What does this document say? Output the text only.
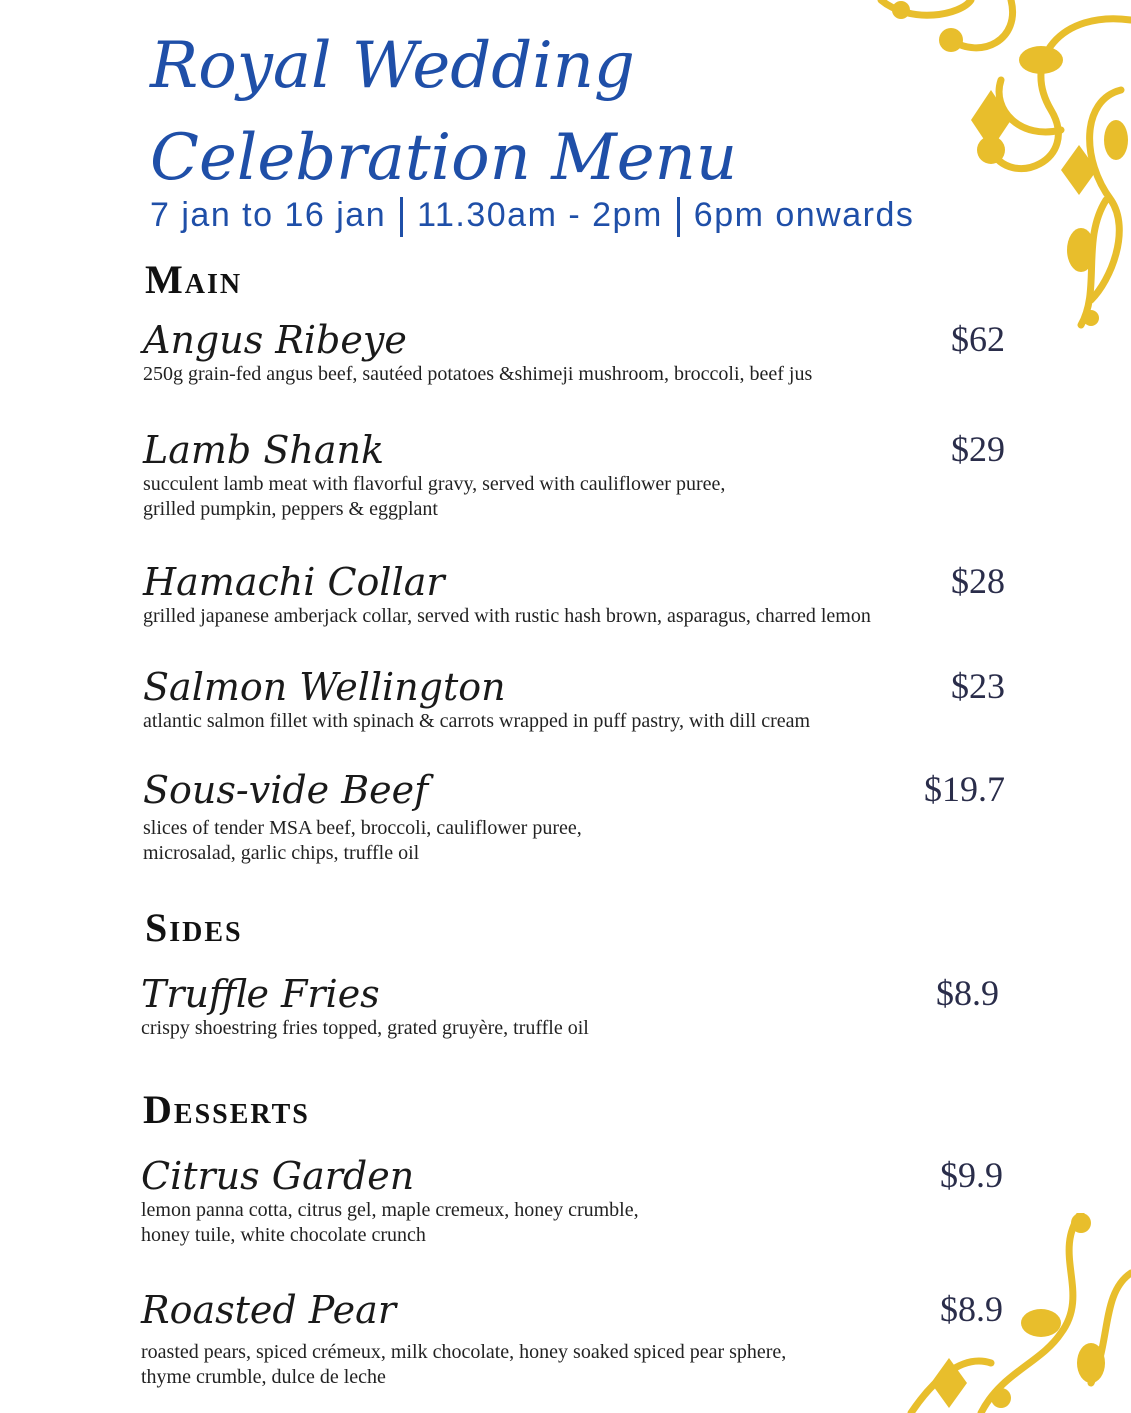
Royal Wedding
Celebration Menu
7 jan to 16 jan 11.30am - 2pm 6pm onwards
Main
Angus Ribeye	$62
250g grain-fed angus beef, sautéed potatoes &shimeji mushroom, broccoli, beef jus
Lamb Shank	$29
succulent lamb meat with flavorful gravy, served with cauliflower puree,
grilled pumpkin, peppers & eggplant
Hamachi Collar	$28
grilled japanese amberjack collar, served with rustic hash brown, asparagus, charred lemon
Salmon Wellington	$23
atlantic salmon fillet with spinach & carrots wrapped in puff pastry, with dill cream
Sous-vide Beef	$19.7
slices of tender MSA beef, broccoli, cauliflower puree,
microsalad, garlic chips, truffle oil
Sides
Truffle Fries	$8.9
crispy shoestring fries topped, grated gruyère, truffle oil
Desserts
Citrus Garden	$9.9
lemon panna cotta, citrus gel, maple cremeux, honey crumble,
honey tuile, white chocolate crunch
Roasted Pear	$8.9
roasted pears, spiced crémeux, milk chocolate, honey soaked spiced pear sphere,
thyme crumble, dulce de leche
